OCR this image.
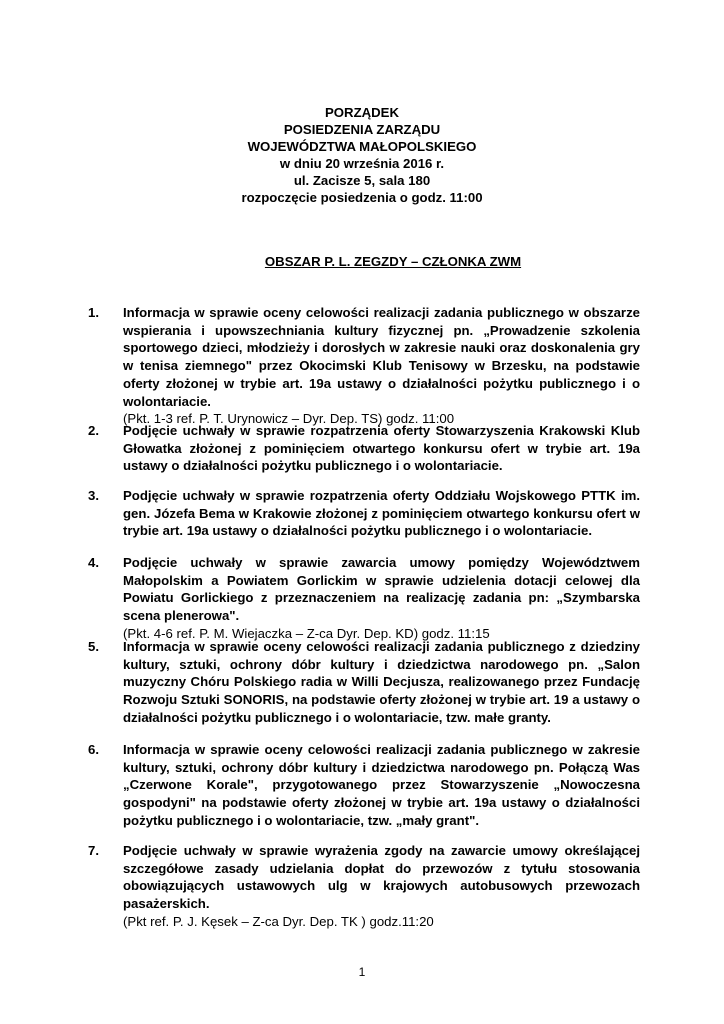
PORZĄDEK
POSIEDZENIA ZARZĄDU
WOJEWÓDZTWA MAŁOPOLSKIEGO
w dniu 20 września 2016 r.
ul. Zacisze 5, sala 180
rozpoczęcie posiedzenia o godz. 11:00
OBSZAR P. L. ZEGZDY – CZŁONKA ZWM
1. Informacja w sprawie oceny celowości realizacji zadania publicznego w obszarze wspierania i upowszechniania kultury fizycznej pn. „Prowadzenie szkolenia sportowego dzieci, młodzieży i dorosłych w zakresie nauki oraz doskonalenia gry w tenisa ziemnego" przez Okocimski Klub Tenisowy w Brzesku, na podstawie oferty złożonej w trybie art. 19a ustawy o działalności pożytku publicznego i o wolontariacie.
(Pkt. 1-3 ref. P. T. Urynowicz – Dyr. Dep. TS) godz. 11:00
2. Podjęcie uchwały w sprawie rozpatrzenia oferty Stowarzyszenia Krakowski Klub Głowatka złożonej z pominięciem otwartego konkursu ofert w trybie art. 19a ustawy o działalności pożytku publicznego i o wolontariacie.
3. Podjęcie uchwały w sprawie rozpatrzenia oferty Oddziału Wojskowego PTTK im. gen. Józefa Bema w Krakowie złożonej z pominięciem otwartego konkursu ofert w trybie art. 19a ustawy o działalności pożytku publicznego i o wolontariacie.
4. Podjęcie uchwały w sprawie zawarcia umowy pomiędzy Województwem Małopolskim a Powiatem Gorlickim w sprawie udzielenia dotacji celowej dla Powiatu Gorlickiego z przeznaczeniem na realizację zadania pn: „Szymbarska scena plenerowa".
(Pkt. 4-6 ref. P. M. Wiejaczka – Z-ca Dyr. Dep. KD) godz. 11:15
5. Informacja w sprawie oceny celowości realizacji zadania publicznego z dziedziny kultury, sztuki, ochrony dóbr kultury i dziedzictwa narodowego pn. „Salon muzyczny Chóru Polskiego radia w Willi Decjusza, realizowanego przez Fundację Rozwoju Sztuki SONORIS, na podstawie oferty złożonej w trybie art. 19 a ustawy o działalności pożytku publicznego i o wolontariacie, tzw. małe granty.
6. Informacja w sprawie oceny celowości realizacji zadania publicznego w zakresie kultury, sztuki, ochrony dóbr kultury i dziedzictwa narodowego pn. Połączą Was „Czerwone Korale", przygotowanego przez Stowarzyszenie „Nowoczesna gospodyni" na podstawie oferty złożonej w trybie art. 19a ustawy o działalności pożytku publicznego i o wolontariacie, tzw. „mały grant".
7. Podjęcie uchwały w sprawie wyrażenia zgody na zawarcie umowy określającej szczegółowe zasady udzielania dopłat do przewozów z tytułu stosowania obowiązujących ustawowych ulg w krajowych autobusowych przewozach pasażerskich.
(Pkt ref. P. J. Kęsek – Z-ca Dyr. Dep. TK ) godz.11:20
1
